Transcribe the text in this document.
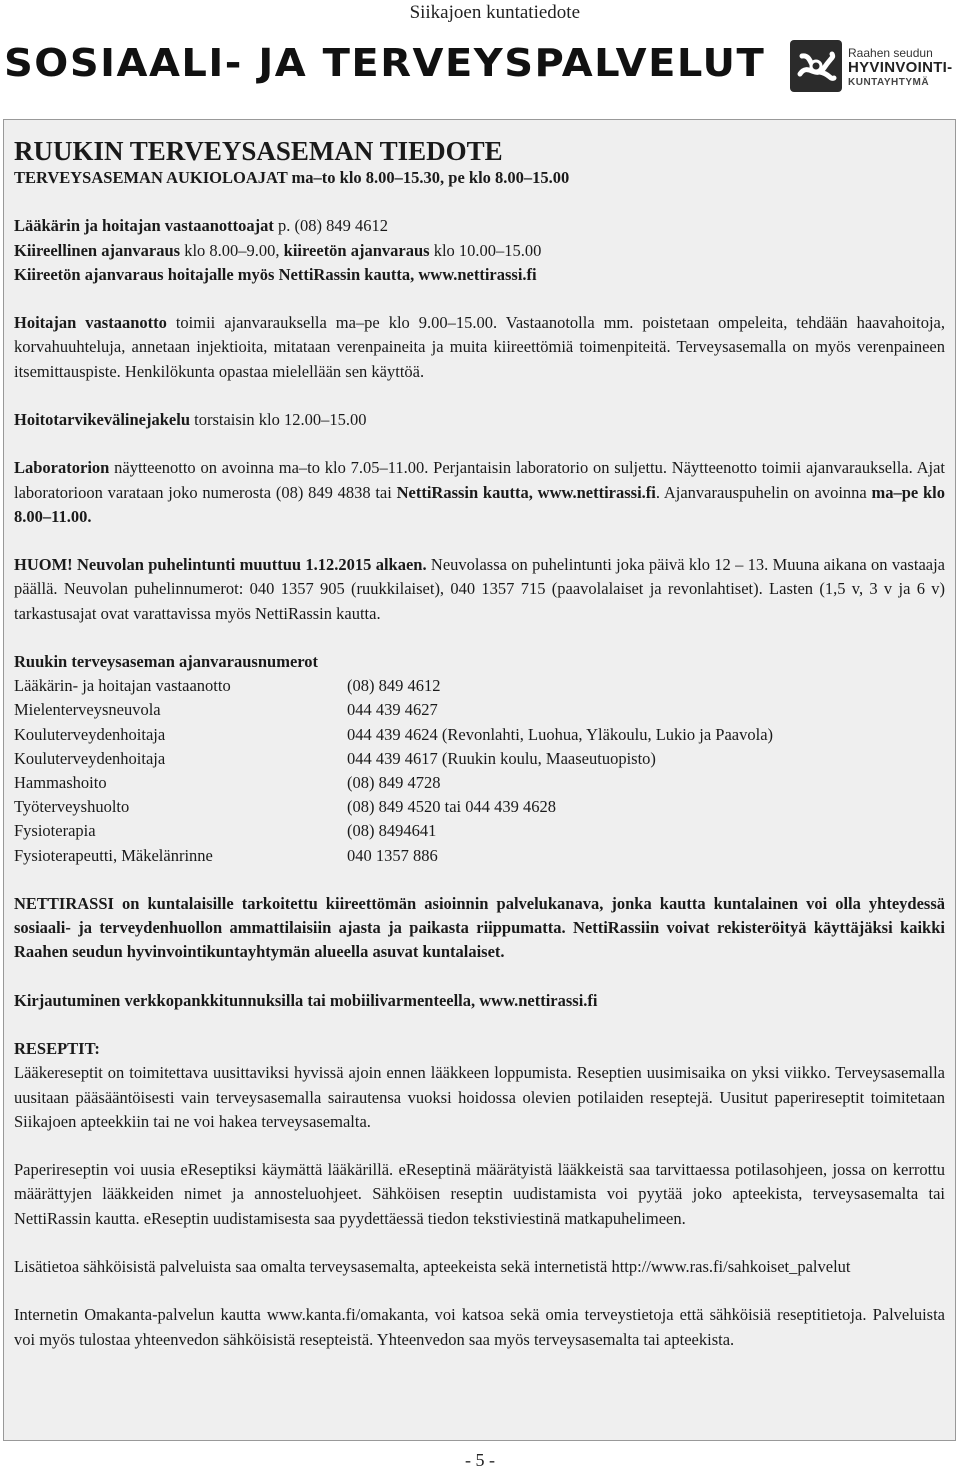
Siikajoen kuntatiedote
SOSIAALI- JA TERVEYSPALVELUT	Raahen seudun
HYVINVOINTI-
KUNTAYHTYMÄ
RUUKIN TERVEYSASEMAN TIEDOTE

TERVEYSASEMAN AUKIOLOAJAT ma–to klo 8.00–15.30, pe klo 8.00–15.00

Lääkärin ja hoitajan vastaanottoajat p. (08) 849 4612

Kiireellinen ajanvaraus klo 8.00–9.00, kiireetön ajanvaraus klo 10.00–15.00

Kiireetön ajanvaraus hoitajalle myös NettiRassin kautta, www.nettirassi.fi

Hoitajan vastaanotto toimii ajanvarauksella ma–pe klo 9.00–15.00. Vastaanotolla mm. poistetaan ompeleita, tehdään haavahoitoja, korvahuuhteluja, annetaan injektioita, mitataan verenpaineita ja muita kiireettömiä toimenpiteitä. Terveysasemalla on myös verenpaineen itsemittauspiste. Henkilökunta opastaa mielellään sen käyttöä.

Hoitotarvikevälinejakelu torstaisin klo 12.00–15.00

Laboratorion näytteenotto on avoinna ma–to klo 7.05–11.00. Perjantaisin laboratorio on suljettu. Näytteenotto toimii ajanvarauksella. Ajat laboratorioon varataan joko numerosta (08) 849 4838 tai NettiRassin kautta, www.nettirassi.fi. Ajanvarauspuhelin on avoinna ma–pe klo 8.00–11.00.

HUOM! Neuvolan puhelintunti muuttuu 1.12.2015 alkaen. Neuvolassa on puhelintunti joka päivä klo 12 – 13. Muuna aikana on vastaaja päällä. Neuvolan puhelinnumerot: 040 1357 905 (ruukkilaiset), 040 1357 715 (paavolalaiset ja revonlahtiset). Lasten (1,5 v, 3 v ja 6 v) tarkastusajat ovat varattavissa myös NettiRassin kautta.

Ruukin terveysaseman ajanvarausnumerot

Lääkärin- ja hoitajan vastaanotto	(08) 849 4612
Mielenterveysneuvola	044 439 4627
Kouluterveydenhoitaja	044 439 4624 (Revonlahti, Luohua, Yläkoulu, Lukio ja Paavola)
Kouluterveydenhoitaja	044 439 4617 (Ruukin koulu, Maaseutuopisto)
Hammashoito	(08) 849 4728
Työterveyshuolto	(08) 849 4520 tai 044 439 4628
Fysioterapia	(08) 8494641
Fysioterapeutti, Mäkelänrinne	040 1357 886

NETTIRASSI on kuntalaisille tarkoitettu kiireettömän asioinnin palvelukanava, jonka kautta kuntalainen voi olla yhteydessä sosiaali- ja terveydenhuollon ammattilaisiin ajasta ja paikasta riippumatta. NettiRassiin voivat rekisteröityä käyttäjäksi kaikki Raahen seudun hyvinvointikuntayhtymän alueella asuvat kuntalaiset.

Kirjautuminen verkkopankkitunnuksilla tai mobiilivarmenteella, www.nettirassi.fi

RESEPTIT:

Lääkereseptit on toimitettava uusittaviksi hyvissä ajoin ennen lääkkeen loppumista. Reseptien uusimisaika on yksi viikko. Terveysasemalla uusitaan pääsääntöisesti vain terveysasemalla sairautensa vuoksi hoidossa olevien potilaiden reseptejä. Uusitut paperireseptit toimitetaan Siikajoen apteekkiin tai ne voi hakea terveysasemalta.

Paperireseptin voi uusia eReseptiksi käymättä lääkärillä. eReseptinä määrätyistä lääkkeistä saa tarvittaessa potilasohjeen, jossa on kerrottu määrättyjen lääkkeiden nimet ja annosteluohjeet. Sähköisen reseptin uudistamista voi pyytää joko apteekista, terveysasemalta tai NettiRassin kautta. eReseptin uudistamisesta saa pyydettäessä tiedon tekstiviestinä matkapuhelimeen.

Lisätietoa sähköisistä palveluista saa omalta terveysasemalta, apteekeista sekä internetistä http://www.ras.fi/sahkoiset_palvelut

Internetin Omakanta-palvelun kautta www.kanta.fi/omakanta, voi katsoa sekä omia terveystietoja että sähköisiä reseptitietoja. Palveluista voi myös tulostaa yhteenvedon sähköisistä resepteistä. Yhteenvedon saa myös terveysasemalta tai apteekista.

- 5 -
